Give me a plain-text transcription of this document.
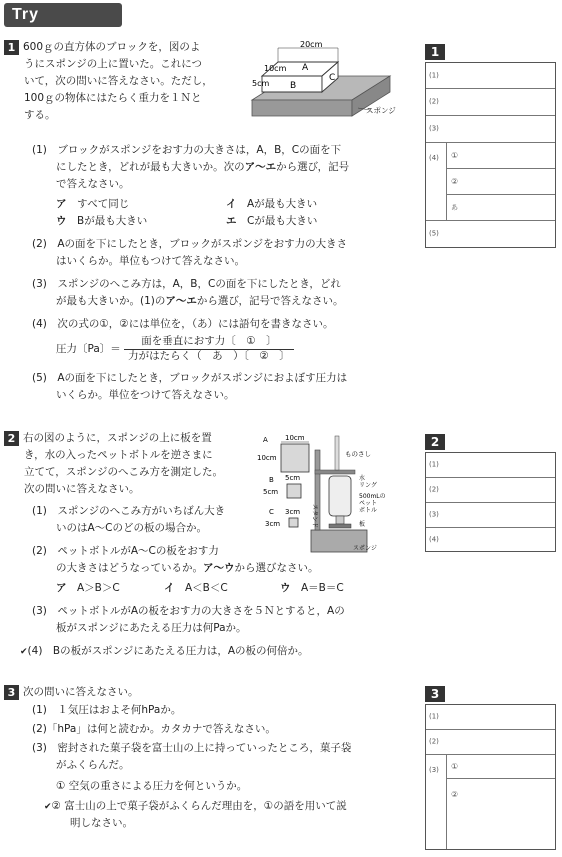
Try
1 600ｇの直方体のブロックを，図のよ
うにスポンジの上に置いた。これにつ
いて，次の問いに答えなさい。ただし，
100ｇの物体にはたらく重力を１Ｎと
する。
20cm
10cm
5cm
A
B
C
スポンジ
(1)　ブロックがスポンジをおす力の大きさは，A，B，Cの面を下
にしたとき，どれが最も大きいか。次のア～エから選び，記号
で答えなさい。
ア　 すべて同じ	イ　 Aが最も大きい
ウ　 Bが最も大きい	エ　 Cが最も大きい
(2)　Aの面を下にしたとき，ブロックがスポンジをおす力の大きさ
はいくらか。単位もつけて答えなさい。
(3)　スポンジのへこみ方は，A，B，Cの面を下にしたとき，どれ
が最も大きいか。(1)のア～エから選び，記号で答えなさい。
(4)　次の式の①，②には単位を，（あ）には語句を書きなさい。
圧力〔Pa〕＝ $\frac{\text{面を垂直におす力〔　①　〕}}{\text{力がはたらく（　あ　）〔　②　〕}}$
(5)　Aの面を下にしたとき，ブロックがスポンジにおよぼす圧力は
いくらか。単位をつけて答えなさい。
1
(1)
(2)
(3)
(4) ①
②
あ
(5)
2 右の図のように，スポンジの上に板を置
き，水の入ったペットボトルを逆さまに
立てて，スポンジのへこみ方を測定した。
次の問いに答えなさい。
(1)　スポンジのへこみ方がいちばん大き
いのはA～Cのどの板の場合か。
(2)　ペットボトルがA～Cの板をおす力
の大きさはどうなっているか。ア～ウから選びなさい。
ア　 A＞B＞C	イ　 A＜B＜C	ウ　 A＝B＝C
(3)　ペットボトルがAの板をおす力の大きさを５Ｎとすると，Aの
板がスポンジにあたえる圧力は何Paか。
✔(4)　Bの板がスポンジにあたえる圧力は，Aの板の何倍か。
A 10cm
10cm
B 5cm
5cm
C 3cm
3cm	スタンド
ものさし
水
リング
500mLの
ペット
ボトル
板
スポンジ
2
(1)
(2)
(3)
(4)
3 次の問いに答えなさい。
(1)　１気圧はおよそ何hPaか。
(2)「hPa」は何と読むか。カタカナで答えなさい。
(3)　密封された菓子袋を富士山の上に持っていったところ，菓子袋
がふくらんだ。
① 空気の重さによる圧力を何というか。
✔② 富士山の上で菓子袋がふくらんだ理由を，①の語を用いて説
明しなさい。
3
(1)
(2)
(3) ①
②
